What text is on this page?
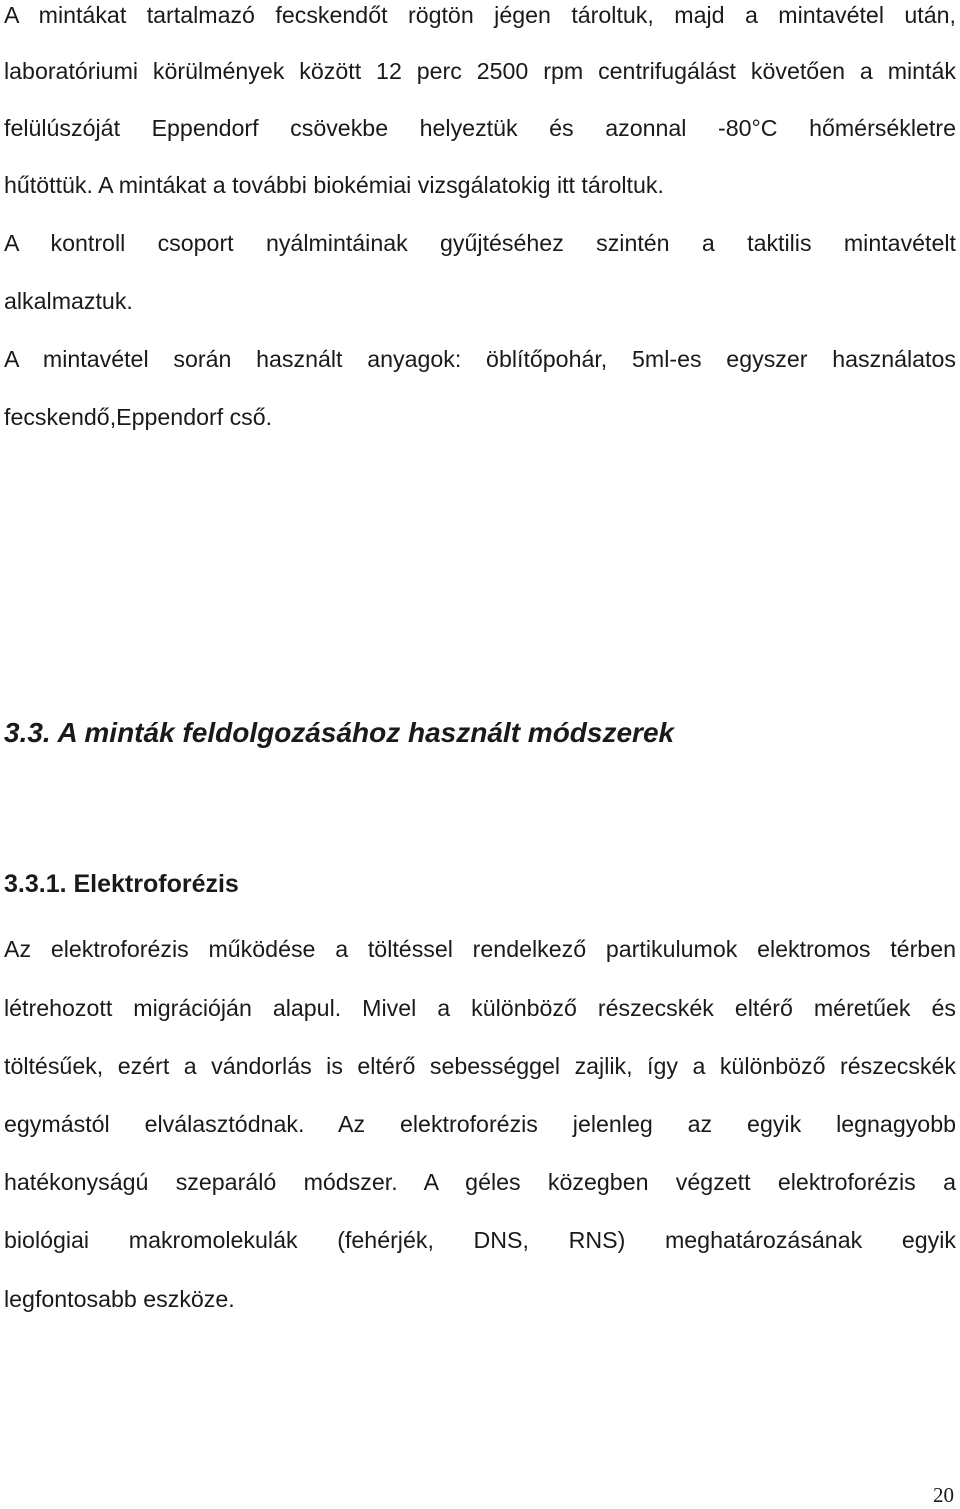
A mintákat tartalmazó fecskendőt rögtön jégen tároltuk, majd a mintavétel után,
laboratóriumi körülmények között 12 perc 2500 rpm centrifugálást követően a minták
felülúszóját Eppendorf csövekbe helyeztük és azonnal -80°C hőmérsékletre
hűtöttük. A mintákat a további biokémiai vizsgálatokig itt tároltuk.
A kontroll csoport nyálmintáinak gyűjtéséhez szintén a taktilis mintavételt
alkalmaztuk.
A mintavétel során használt anyagok: öblítőpohár, 5ml-es egyszer használatos
fecskendő,Eppendorf cső.
3.3. A minták feldolgozásához használt módszerek
3.3.1. Elektroforézis
Az elektroforézis működése a töltéssel rendelkező partikulumok elektromos térben
létrehozott migrációján alapul. Mivel a különböző részecskék eltérő méretűek és
töltésűek, ezért a vándorlás is eltérő sebességgel zajlik, így a különböző részecskék
egymástól elválasztódnak. Az elektroforézis jelenleg az egyik legnagyobb
hatékonyságú szeparáló módszer. A géles közegben végzett elektroforézis a
biológiai makromolekulák (fehérjék, DNS, RNS) meghatározásának egyik
legfontosabb eszköze.
20
